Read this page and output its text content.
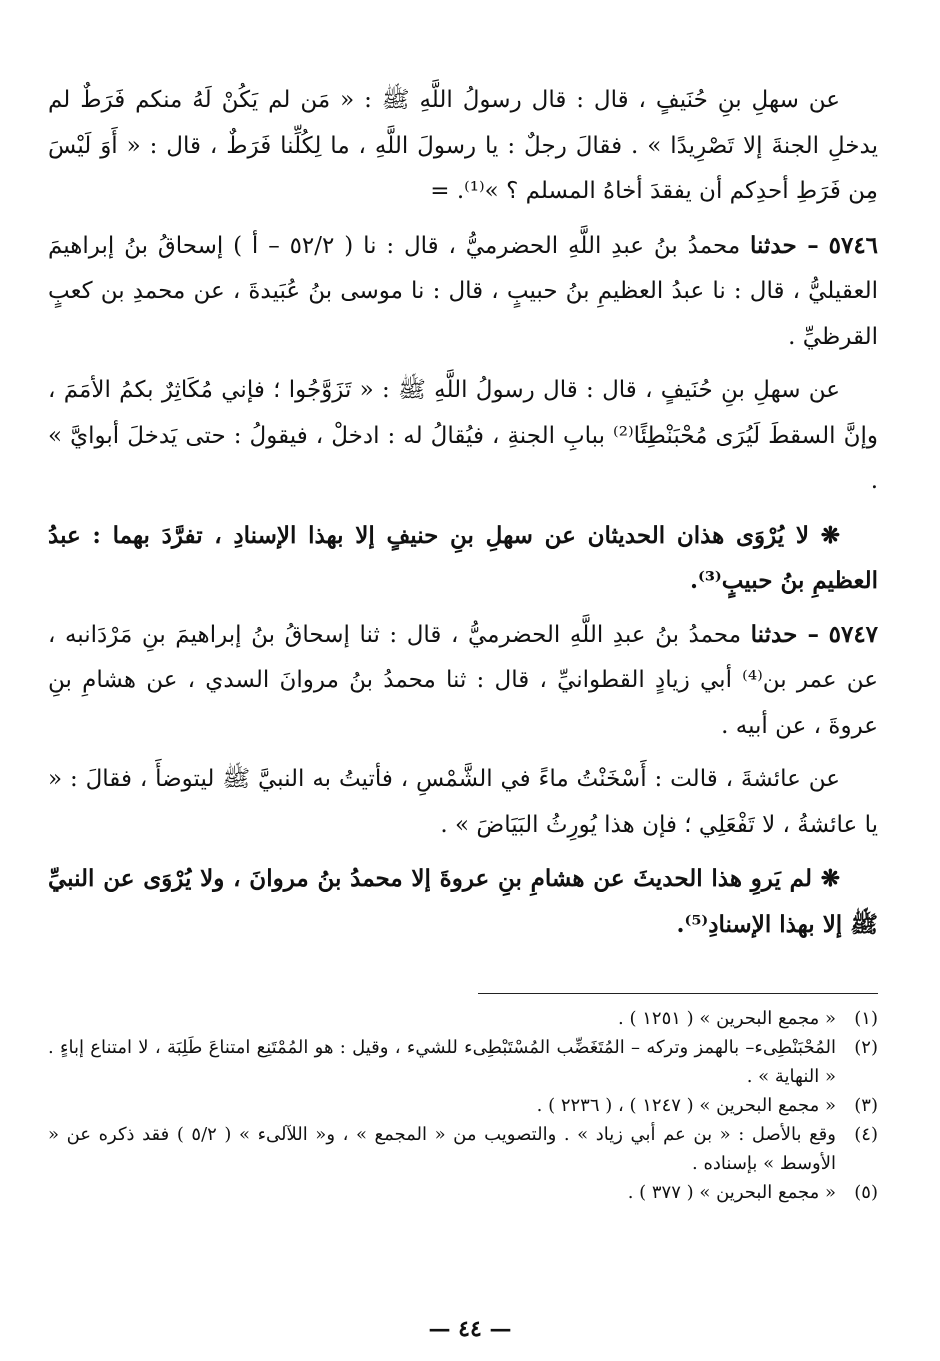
عن سهلِ بنِ حُنَيفٍ ، قال : قال رسولُ اللَّهِ ﷺ : « مَن لم يَكُنْ لَهُ منكم فَرَطٌ لم يدخلِ الجنةَ إلا تَصْرِيدًا » . فقالَ رجلٌ : يا رسولَ اللَّهِ ، ما لِكُلِّنا فَرَطٌ ، قال : « أَوَ لَيْسَ مِن فَرَطِ أحدِكم أن يفقدَ أخاهُ المسلم ؟ »⁽¹⁾. =

٥٧٤٦ – حدثنا محمدُ بنُ عبدِ اللَّهِ الحضرميُّ ، قال : نا ( ٥٢/٢ – أ ) إسحاقُ بنُ إبراهيمَ العقيليُّ ، قال : نا عبدُ العظيمِ بنُ حبيبٍ ، قال : نا موسى بنُ عُبَيدةَ ، عن محمدِ بن كعبٍ القرظيِّ .

عن سهلِ بنِ حُنَيفٍ ، قال : قال رسولُ اللَّهِ ﷺ : « تَزَوَّجُوا ؛ فإني مُكَاثِرٌ بكمُ الأمَمَ ، وإنَّ السقطَ لَيُرَى مُحْبَنْطِئًا⁽²⁾ ببابِ الجنةِ ، فيُقالُ له : ادخلْ ، فيقولُ : حتى يَدخلَ أبوايَّ » .

❋ لا يُرْوَى هذان الحديثان عن سهلِ بنِ حنيفٍ إلا بهذا الإسنادِ ، تفرَّدَ بهما : عبدُ العظيمِ بنُ حبيبٍ⁽³⁾.

٥٧٤٧ – حدثنا محمدُ بنُ عبدِ اللَّهِ الحضرميُّ ، قال : ثنا إسحاقُ بنُ إبراهيمَ بنِ مَرْدَانبه ، عن عمر بن⁽⁴⁾ أبي زيادٍ القطوانيِّ ، قال : ثنا محمدُ بنُ مروانَ السدي ، عن هشامِ بنِ عروةَ ، عن أبيه .

عن عائشةَ ، قالت : أَسْخَنْتُ ماءً في الشَّمْسِ ، فأتيتُ به النبيَّ ﷺ ليتوضأَ ، فقالَ : « يا عائشةُ ، لا تَفْعَلِي ؛ فإن هذا يُورِثُ البَيَاضَ » .

❋ لم يَروِ هذا الحديثَ عن هشامِ بنِ عروةَ إلا محمدُ بنُ مروانَ ، ولا يُرْوَى عن النبيِّ ﷺ إلا بهذا الإسنادِ⁽⁵⁾.

(١)
« مجمع البحرين » ( ١٢٥١ ) .
(٢)
المُحْبَنْطِىء– بالهمز وتركه – المُتَغَضِّب المُسْتَبْطِىء للشيء ، وقيل : هو المُمْتَنِع امتناعَ طَلِبَة ، لا امتناع إباءٍ . « النهاية » .
(٣)
« مجمع البحرين » ( ١٢٤٧ ) ، ( ٢٢٣٦ ) .
(٤)
وقع بالأصل : « بن عم أبي زياد » . والتصويب من « المجمع » ، و« اللآلىء » ( ٥/٢ ) فقد ذكره عن « الأوسط » بإسناده .
(٥)
« مجمع البحرين » ( ٣٧٧ ) .
— ٤٤ —
